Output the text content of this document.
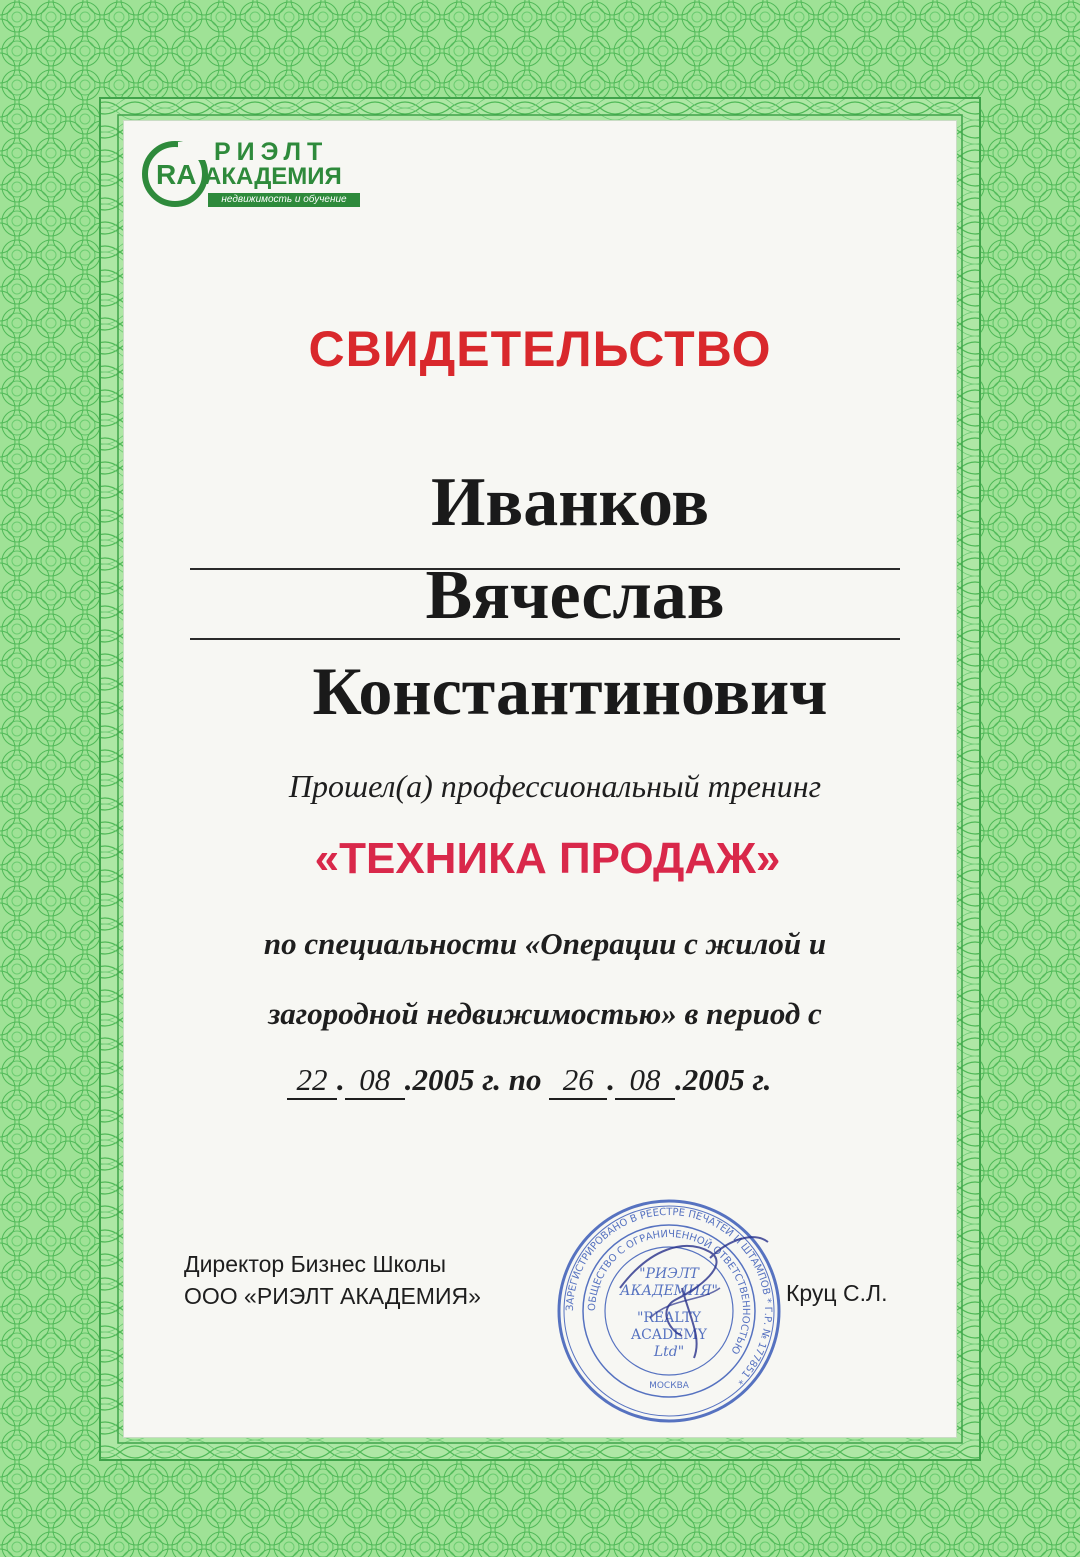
RA
РИЭЛТ
АКАДЕМИЯ
недвижимость и обучение
СВИДЕТЕЛЬСТВО
Иванков
Вячеслав
Константинович
Прошел(а) профессиональный тренинг
«ТЕХНИКА ПРОДАЖ»
по специальности «Операции с жилой и
загородной недвижимостью» в период с
22 . 08 .2005 г. по 26 . 08 .2005 г.
Директор Бизнес Школы
ООО «РИЭЛТ АКАДЕМИЯ»	ЗАРЕГИСТРИРОВАНО В РЕЕСТРЕ ПЕЧАТЕЙ И ШТАМПОВ * Г.Р. № 177851 *
ОБЩЕСТВО С ОГРАНИЧЕННОЙ ОТВЕТСТВЕННОСТЬЮ
"РИЭЛТ
АКАДЕМИЯ"
"REALTY
ACADEMY
Ltd"
МОСКВА
Круц С.Л.
